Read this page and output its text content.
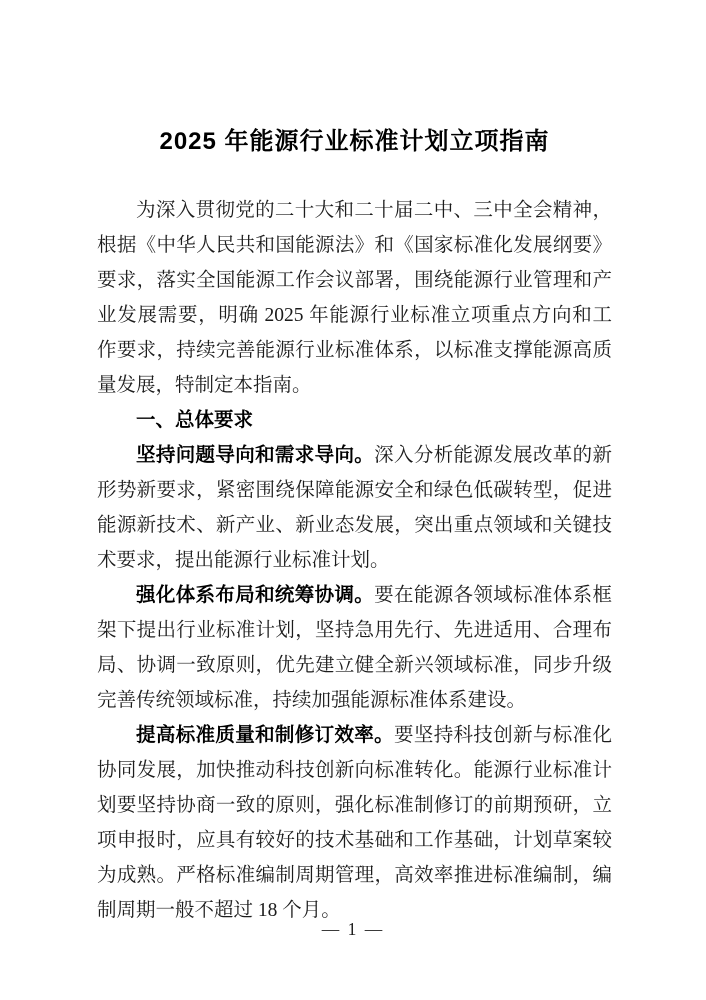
2025 年能源行业标准计划立项指南

为深入贯彻党的二十大和二十届二中、三中全会精神，根据《中华人民共和国能源法》和《国家标准化发展纲要》要求，落实全国能源工作会议部署，围绕能源行业管理和产业发展需要，明确 2025 年能源行业标准立项重点方向和工作要求，持续完善能源行业标准体系，以标准支撑能源高质量发展，特制定本指南。

一、总体要求

坚持问题导向和需求导向。深入分析能源发展改革的新形势新要求，紧密围绕保障能源安全和绿色低碳转型，促进能源新技术、新产业、新业态发展，突出重点领域和关键技术要求，提出能源行业标准计划。

强化体系布局和统筹协调。要在能源各领域标准体系框架下提出行业标准计划，坚持急用先行、先进适用、合理布局、协调一致原则，优先建立健全新兴领域标准，同步升级完善传统领域标准，持续加强能源标准体系建设。

提高标准质量和制修订效率。要坚持科技创新与标准化协同发展，加快推动科技创新向标准转化。能源行业标准计划要坚持协商一致的原则，强化标准制修订的前期预研，立项申报时，应具有较好的技术基础和工作基础，计划草案较为成熟。严格标准编制周期管理，高效率推进标准编制，编制周期一般不超过 18 个月。

— 1 —
